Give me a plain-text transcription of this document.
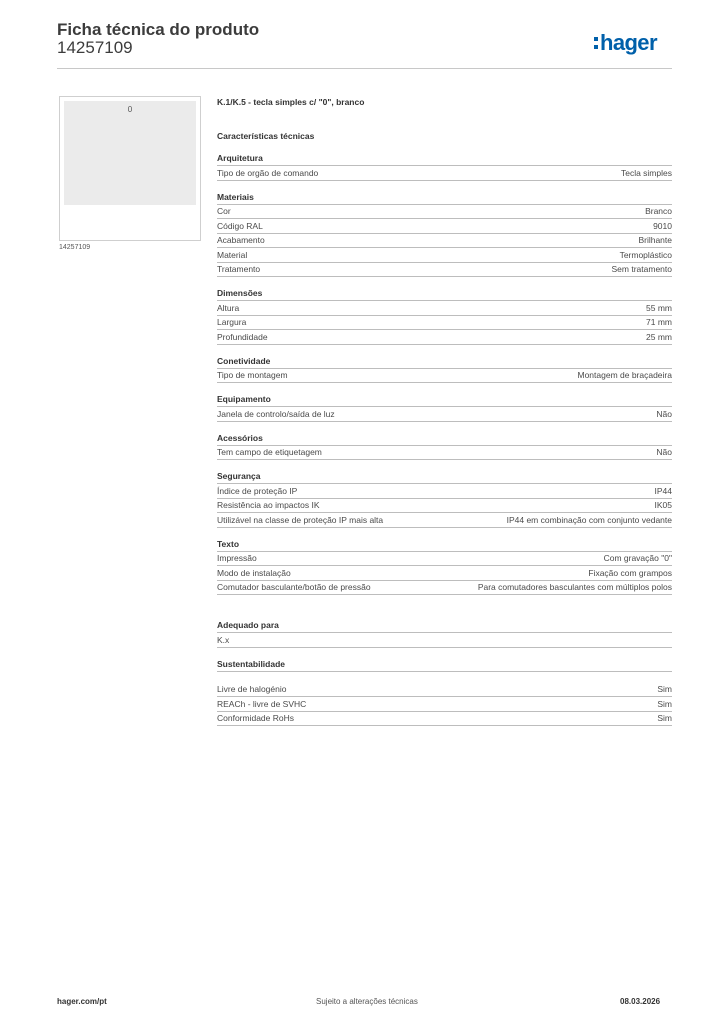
Ficha técnica do produto
14257109	hager
0
14257109
K.1/K.5 - tecla simples c/ "0", branco
Características técnicas
Arquitetura
Tipo de orgão de comando	Tecla simples
Materiais
Cor	Branco
Código RAL	9010
Acabamento	Brilhante
Material	Termoplástico
Tratamento	Sem tratamento
Dimensões
Altura	55 mm
Largura	71 mm
Profundidade	25 mm
Conetividade
Tipo de montagem	Montagem de braçadeira
Equipamento
Janela de controlo/saída de luz	Não
Acessórios
Tem campo de etiquetagem	Não
Segurança
Índice de proteção IP	IP44
Resistência ao impactos IK	IK05
Utilizável na classe de proteção IP mais alta	IP44 em combinação com conjunto vedante
Texto
Impressão	Com gravação "0"
Modo de instalação	Fixação com grampos
Comutador basculante/botão de pressão	Para comutadores basculantes com múltiplos polos
Adequado para
K.x
Sustentabilidade
Livre de halogénio	Sim
REACh - livre de SVHC	Sim
Conformidade RoHs	Sim
hager.com/pt	Sujeito a alterações técnicas	08.03.2026
